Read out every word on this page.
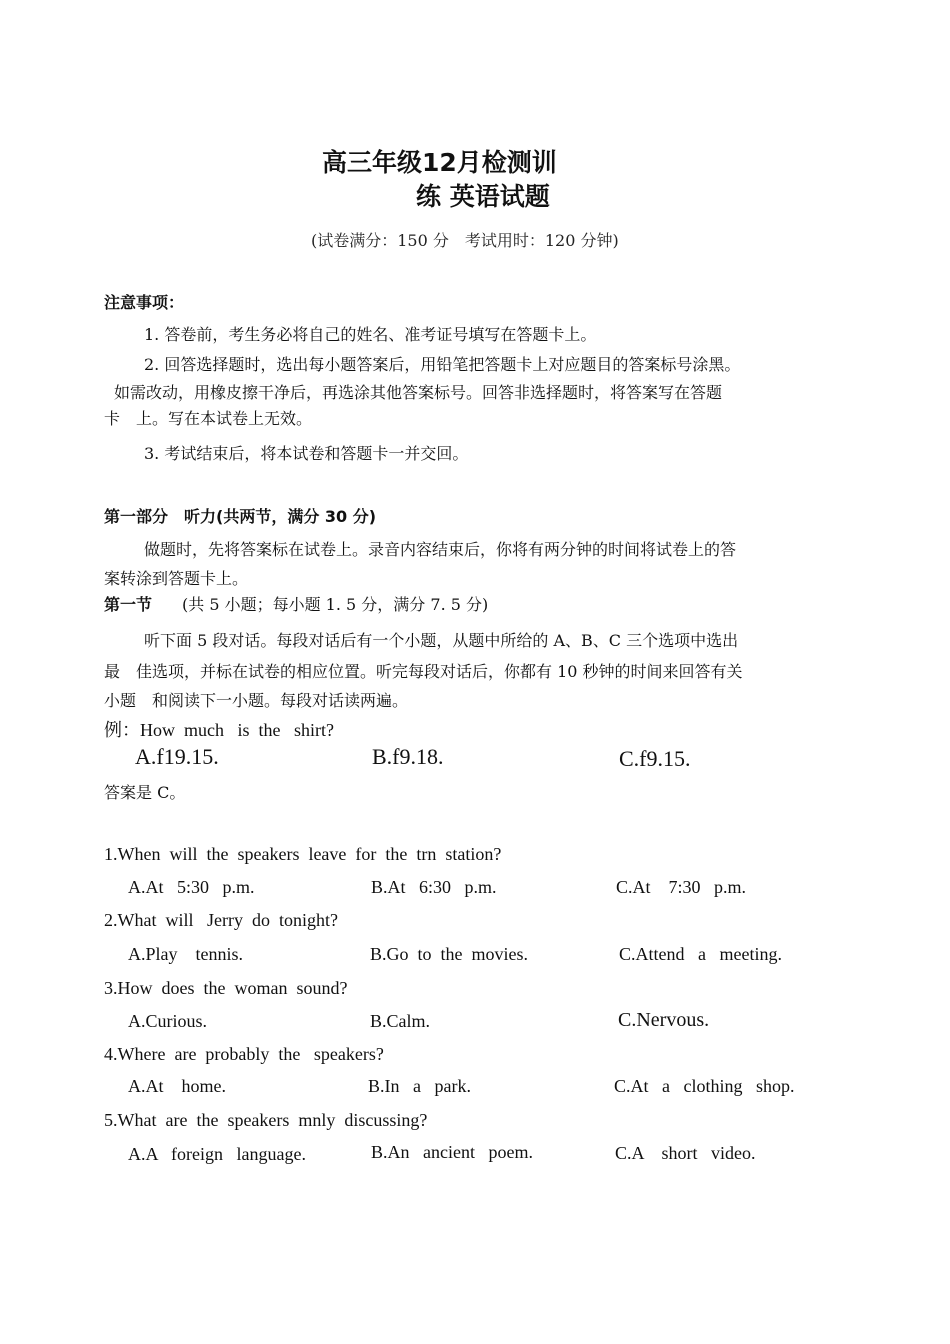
高三年级12月检测训
练 英语试题
(试卷满分：150 分　考试用时：120 分钟)
注意事项：
1. 答卷前，考生务必将自己的姓名、准考证号填写在答题卡上。
2. 回答选择题时，选出每小题答案后，用铅笔把答题卡上对应题目的答案标号涂黑。
如需改动，用橡皮擦干净后，再选涂其他答案标号。回答非选择题时，将答案写在答题
卡　上。写在本试卷上无效。
3. 考试结束后，将本试卷和答题卡一并交回。
第一部分　听力(共两节，满分 30 分)
做题时，先将答案标在试卷上。录音内容结束后，你将有两分钟的时间将试卷上的答
案转涂到答题卡上。
第一节 (共 5 小题；每小题 1. 5 分，满分 7. 5 分)
听下面 5 段对话。每段对话后有一个小题，从题中所给的 A、B、C 三个选项中选出
最　佳选项，并标在试卷的相应位置。听完每段对话后，你都有 10 秒钟的时间来回答有关
小题　和阅读下一小题。每段对话读两遍。
例：How  much   is  the   shirt?
A.f19.15.	B.f9.18.	C.f9.15.
答案是 C。
1.When  will  the  speakers  leave  for  the  trn  station?
A.At   5:30   p.m.	B.At   6:30   p.m.	C.At    7:30   p.m.
2.What  will   Jerry  do  tonight?
A.Play    tennis.	B.Go  to  the  movies.	C.Attend   a   meeting.
3.How  does  the  woman  sound?
A.Curious.	B.Calm.	C.Nervous.
4.Where  are  probably  the   speakers?
A.At    home.	B.In   a   park.	C.At   a   clothing   shop.
5.What  are  the  speakers  mnly  discussing?
A.A   foreign   language.	B.An   ancient   poem.	C.A    short   video.
